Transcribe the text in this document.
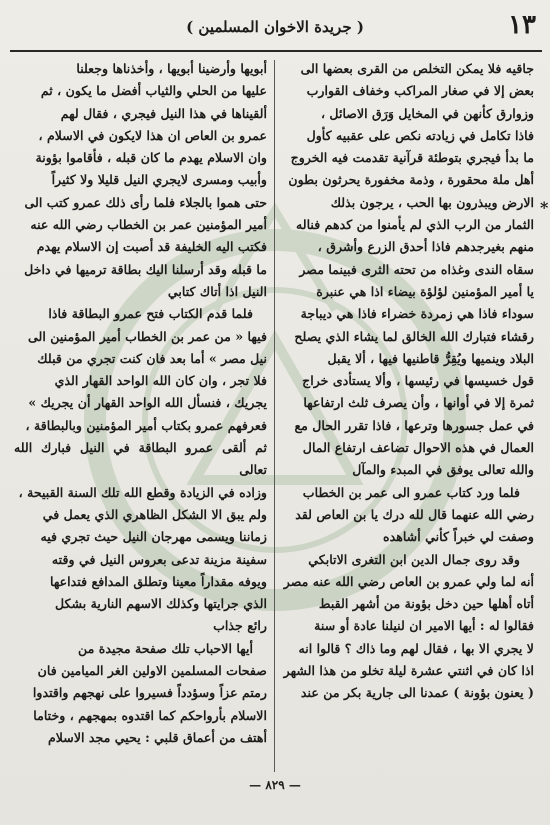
١٣
( جريدة الاخوان المسلمين )

جاقيه فلا يمكن التخلص من القرى بعضها الى

بعض إلا في صغار المراكب وخفاف القوارب

وزوارق كأنهن في المخايل وَرَق الاصائل ،

فاذا تكامل في زيادته نكص على عقبيه كأول

ما بدأ فيجري بتوطئة قرآنية تقدمت فيه الخروج

أهل ملة محقورة ، وذمة مخفورة يحرثون بطون

الارض ويبذرون بها الحب ، يرجون بذلك

الثمار من الرب الذي لم يأمنوا من كدهم فناله

منهم بغيرجدهم فاذا أحدق الزرع وأشرق ،

سقاه الندى وغذاه من تحته الثرى فبينما مصر

يا أمير المؤمنين لؤلؤة بيضاء اذا هي عنبرة

سوداء فاذا هي زمردة خضراء فاذا هي ديباجة

رقشاء فتبارك الله الخالق لما يشاء الذي يصلح

البلاد وينميها ويُقِرُّ قاطنيها فيها ، ألا يقبل

قول خسيسها في رئيسها ، وألا يستأدى خراج

ثمرة إلا في أوانها ، وأن يصرف ثلث ارتفاعها

في عمل جسورها وترعها ، فاذا تقرر الحال مع

العمال في هذه الاحوال تضاعف ارتفاع المال

والله تعالى يوفق في المبدء والمآل

فلما ورد كتاب عمرو الى عمر بن الخطاب

رضي الله عنهما قال لله درك يا بن العاص لقد

وصفت لي خبراً كأني أشاهده

وقد روى جمال الدين ابن التغرى الاتابكي

أنه لما ولي عمرو بن العاص رضي الله عنه مصر

أتاه أهلها حين دخل بؤونة من أشهر القبط

فقالوا له : أيها الامير ان لنيلنا عادة أو سنة

لا يجري الا بها ، فقال لهم وما ذاك ؟ قالوا انه

اذا كان في اثنتي عشرة ليلة تخلو من هذا الشهر

( يعنون بؤونة ) عمدنا الى جارية بكر من عند

أبويها وأرضينا أبويها ، وأخذناها وجعلنا

عليها من الحلي والثياب أفضل ما يكون ، ثم

ألقيناها في هذا النيل فيجري ، فقال لهم

عمرو بن العاص ان هذا لايكون في الاسلام ،

وان الاسلام يهدم ما كان قبله ، فأقاموا بؤونة

وأبيب ومسرى لايجري النيل قليلا ولا كثيراً

حتى هموا بالجلاء فلما رأى ذلك عمرو كتب الى

أمير المؤمنين عمر بن الخطاب رضي الله عنه

فكتب اليه الخليفة قد أصبت إن الاسلام يهدم

ما قبله وقد أرسلنا اليك بطاقة ترميها في داخل

النيل اذا أتاك كتابي

فلما قدم الكتاب فتح عمرو البطاقة فاذا

فيها « من عمر بن الخطاب أمير المؤمنين الى

نيل مصر » أما بعد فان كنت تجري من قبلك

فلا تجر ، وان كان الله الواحد القهار الذي

يجريك ، فنسأل الله الواحد القهار أن يجريك »

فعرفهم عمرو بكتاب أمير المؤمنين وبالبطاقة ،

ثم ألقى عمرو البطاقة في النيل فبارك الله تعالى

وزاده في الزيادة وقطع الله تلك السنة القبيحة ،

ولم يبق الا الشكل الظاهري الذي يعمل في

زماننا ويسمى مهرجان النيل حيث تجري فيه

سفينة مزينة تدعى بعروس النيل في وقته

ويوفه مقداراً معينا وتطلق المدافع فتداعها

الذي جرايتها وكذلك الاسهم النارية بشكل

رائع جذاب

أيها الاحباب تلك صفحة مجيدة من

صفحات المسلمين الاولين الغر الميامين فان

رمتم عزاً وسؤدداً فسيروا على نهجهم واقتدوا

الاسلام بأرواحكم كما اقتدوه بمهجهم ، وختاما

أهتف من أعماق قلبي : يحيي مجد الاسلام

*
— ٨٢٩ —
